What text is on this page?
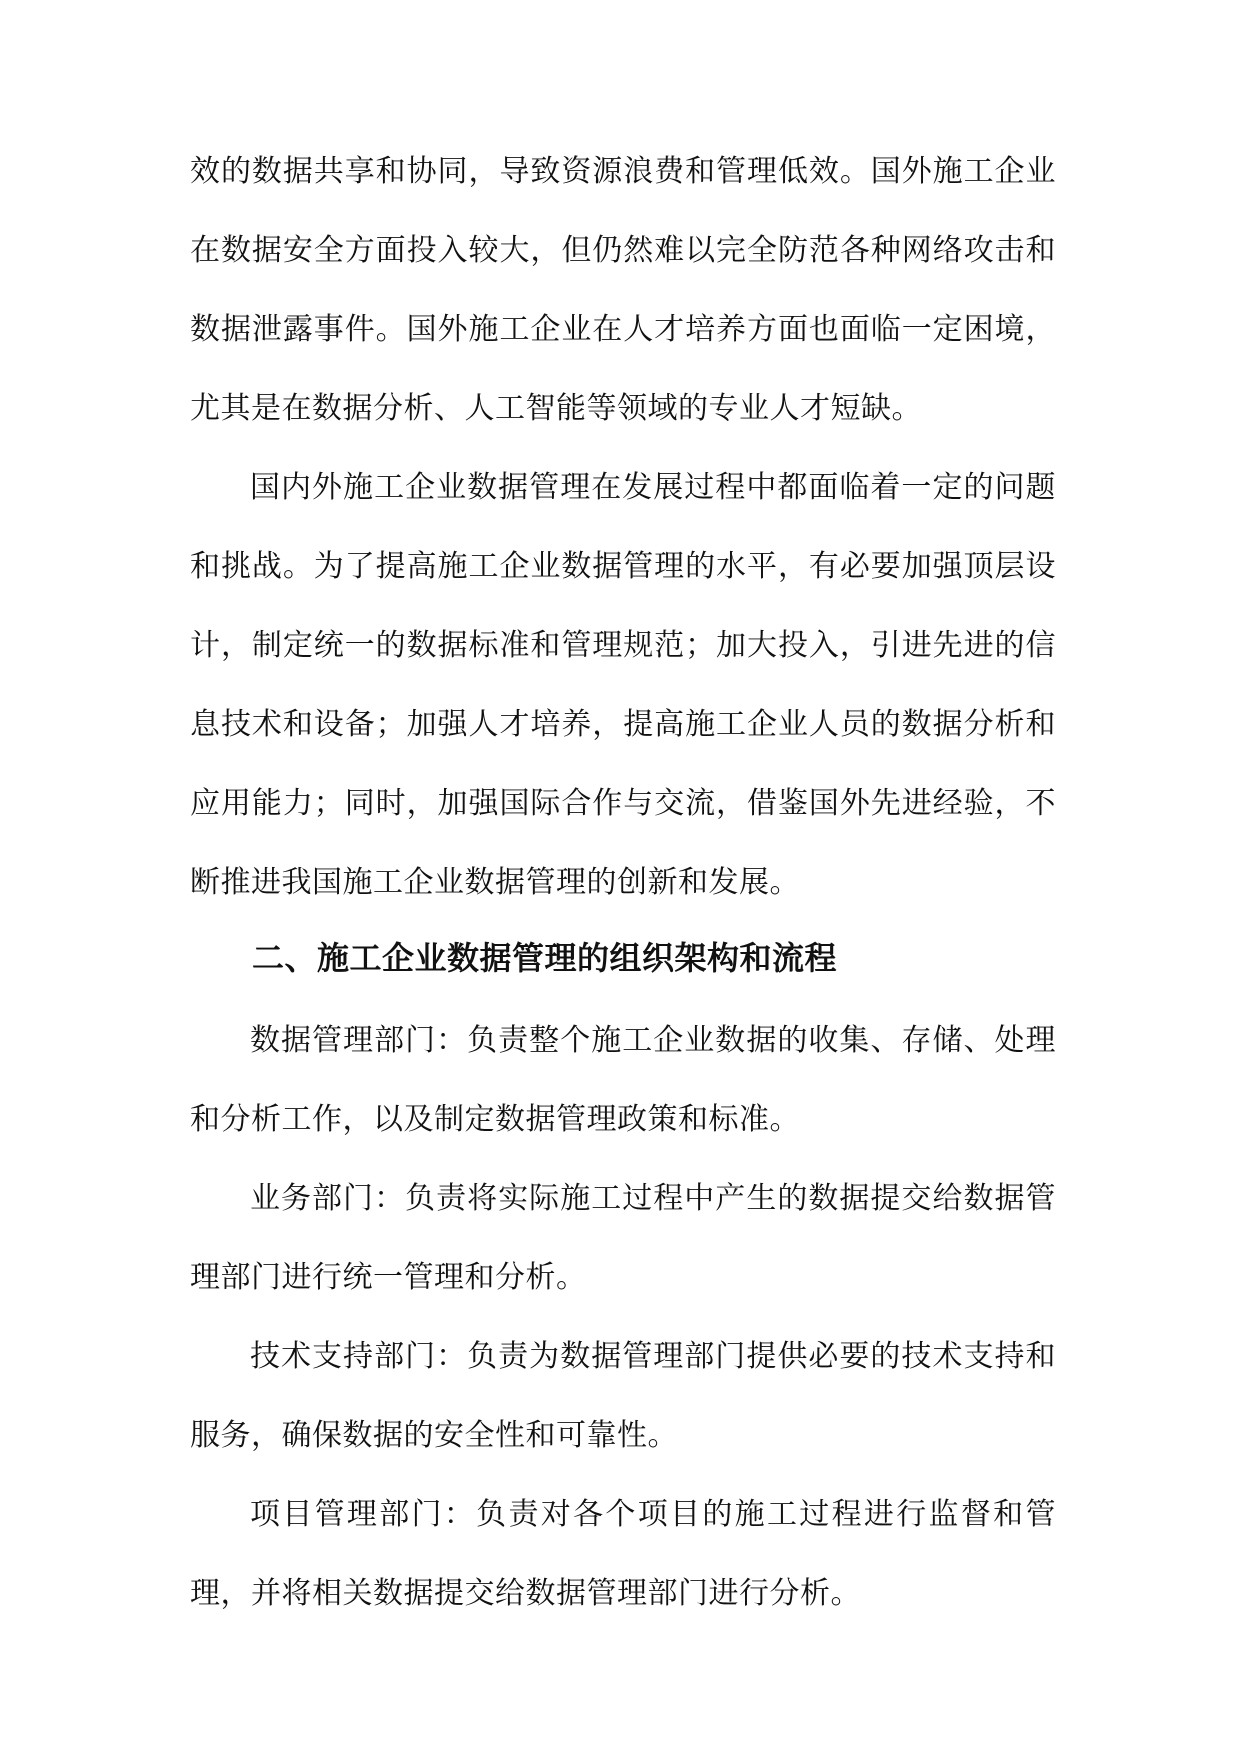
效的数据共享和协同，导致资源浪费和管理低效。国外施工企业在数据安全方面投入较大，但仍然难以完全防范各种网络攻击和数据泄露事件。国外施工企业在人才培养方面也面临一定困境，尤其是在数据分析、人工智能等领域的专业人才短缺。

国内外施工企业数据管理在发展过程中都面临着一定的问题和挑战。为了提高施工企业数据管理的水平，有必要加强顶层设计，制定统一的数据标准和管理规范；加大投入，引进先进的信息技术和设备；加强人才培养，提高施工企业人员的数据分析和应用能力；同时，加强国际合作与交流，借鉴国外先进经验，不断推进我国施工企业数据管理的创新和发展。

二、施工企业数据管理的组织架构和流程

数据管理部门：负责整个施工企业数据的收集、存储、处理和分析工作，以及制定数据管理政策和标准。

业务部门：负责将实际施工过程中产生的数据提交给数据管理部门进行统一管理和分析。

技术支持部门：负责为数据管理部门提供必要的技术支持和服务，确保数据的安全性和可靠性。

项目管理部门：负责对各个项目的施工过程进行监督和管理，并将相关数据提交给数据管理部门进行分析。
